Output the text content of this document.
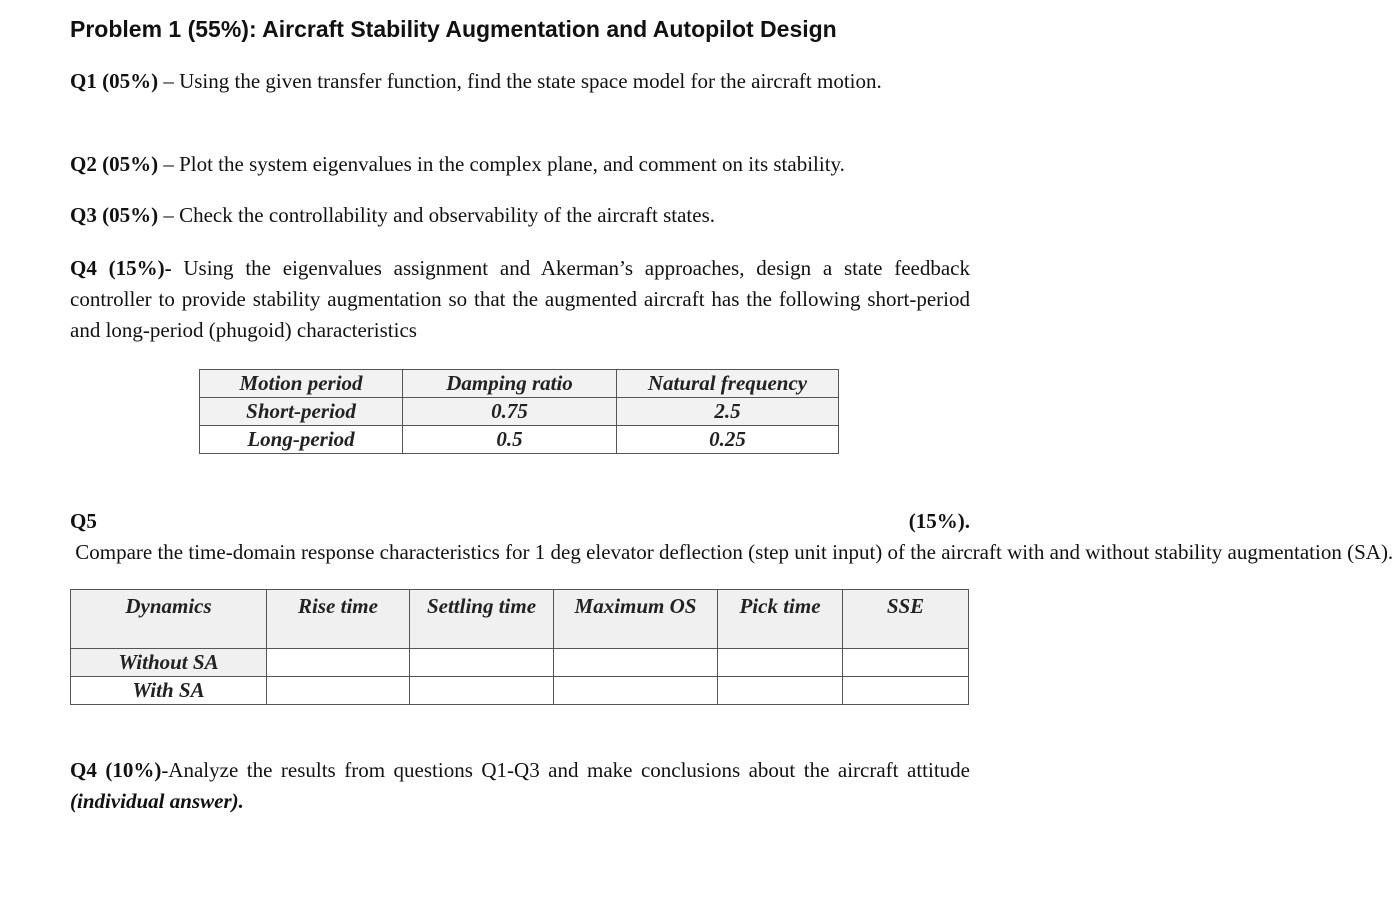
Problem 1 (55%): Aircraft Stability Augmentation and Autopilot Design
Q1 (05%) – Using the given transfer function, find the state space model for the aircraft motion.
Q2 (05%) – Plot the system eigenvalues in the complex plane, and comment on its stability.
Q3 (05%) – Check the controllability and observability of the aircraft states.
Q4 (15%)- Using the eigenvalues assignment and Akerman’s approaches, design a state feedback controller to provide stability augmentation so that the augmented aircraft has the following short-period and long-period (phugoid) characteristics
Motion period	Damping ratio	Natural frequency
Short-period	0.75	2.5
Long-period	0.5	0.25
Q5 (15%). Compare the time-domain response characteristics for 1 deg elevator deflection (step unit input) of the aircraft with and without stability augmentation (SA).
Dynamics	Rise time	Settling time	Maximum OS	Pick time	SSE
Without SA					
With SA					
Q4 (10%)-Analyze the results from questions Q1-Q3 and make conclusions about the aircraft attitude (individual answer).
